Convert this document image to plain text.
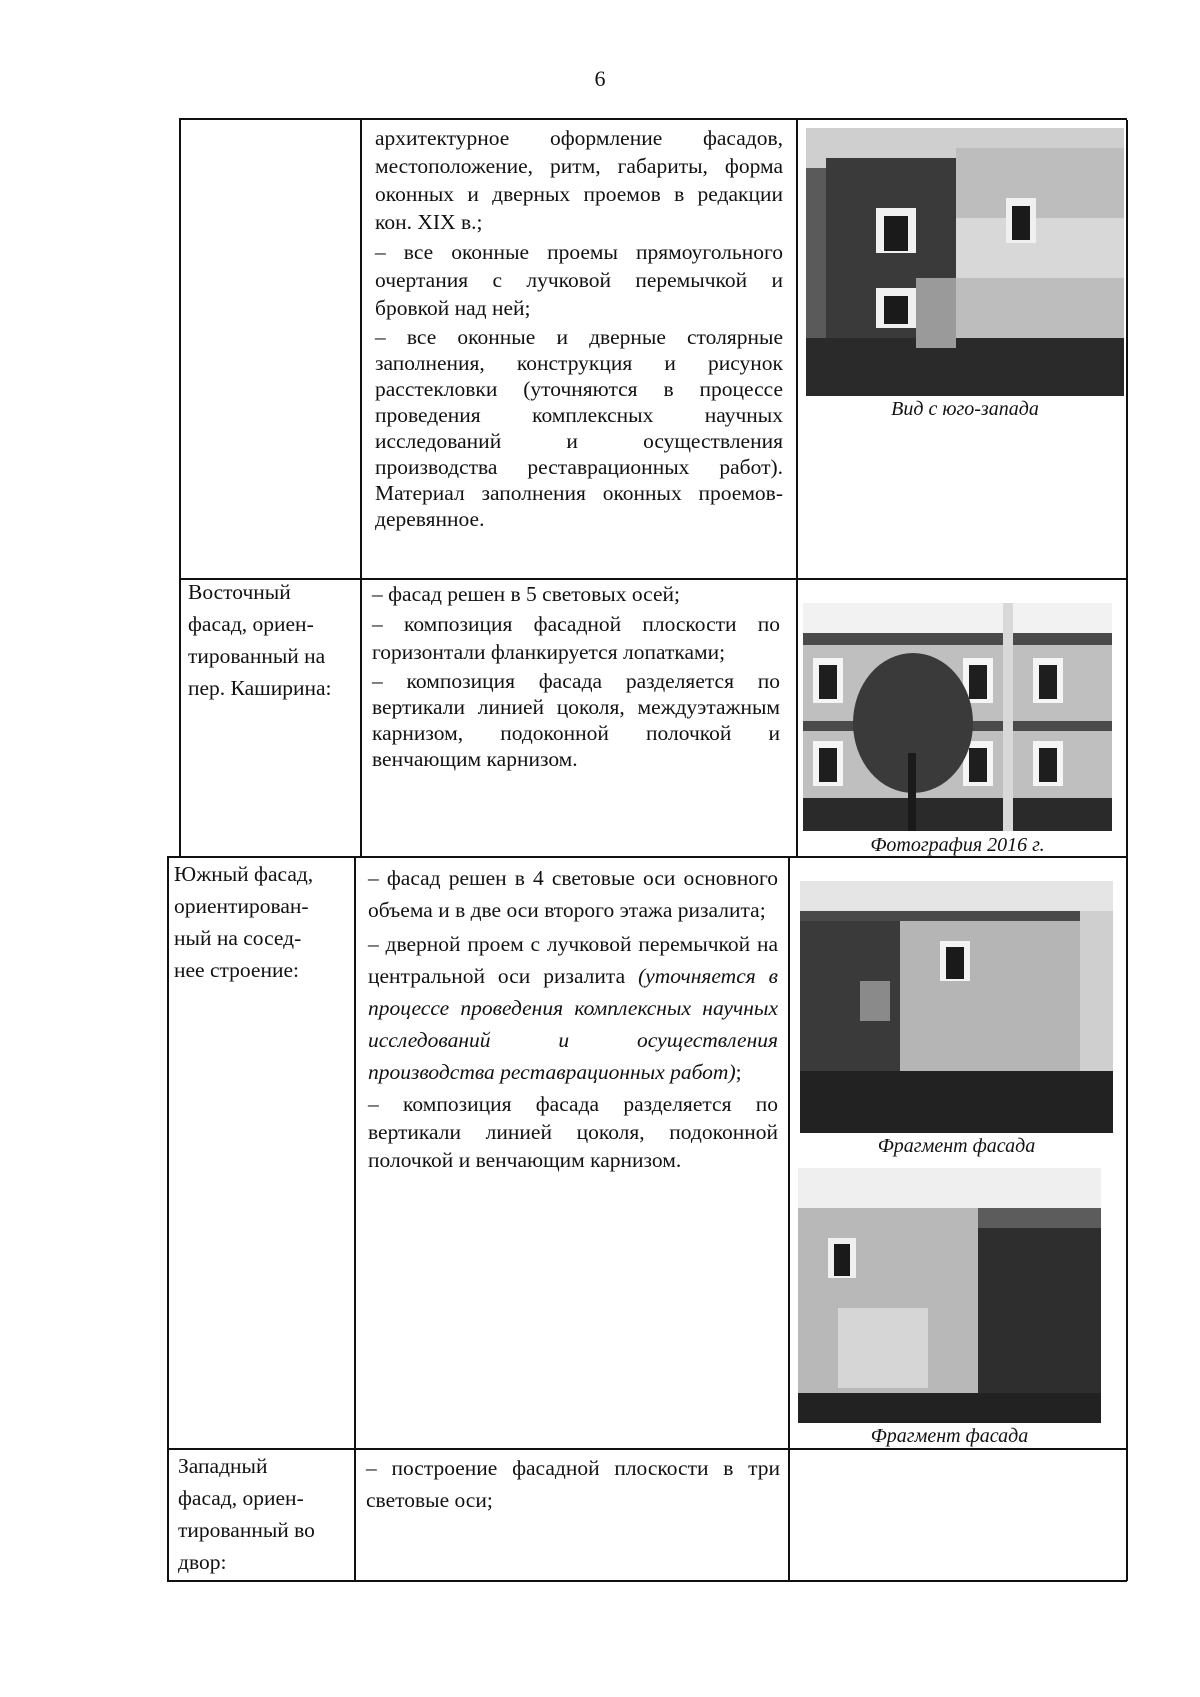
6

архитектурное оформление фасадов, местоположение, ритм, габариты, форма оконных и дверных проемов в редакции кон. XIX в.;

– все оконные проемы прямоугольного очертания с лучковой перемычкой и бровкой над ней;

– все оконные и дверные столярные заполнения, конструкция и рисунок расстекловки (уточняются в процессе проведения комплексных научных исследований и осуществления производства реставрационных работ). Материал заполнения оконных проемов- деревянное.

Вид с юго-запада
Восточный
фасад, ориен-
тированный на
пер. Каширина:

– фасад решен в 5 световых осей;

– композиция фасадной плоскости по горизонтали фланкируется лопатками;

– композиция фасада разделяется по вертикали линией цоколя, междуэтажным карнизом, подоконной полочкой и венчающим карнизом.

Фотография 2016 г.
Южный фасад,
ориентирован-
ный на сосед-
нее строение:

– фасад решен в 4 световые оси основного объема и в две оси второго этажа ризалита;

– дверной проем с лучковой перемычкой на центральной оси ризалита (уточняется в процессе проведения комплексных научных исследований и осуществления производства реставрационных работ);

– композиция фасада разделяется по вертикали линией цоколя, подоконной полочкой и венчающим карнизом.

Фрагмент фасада
Фрагмент фасада
Западный
фасад, ориен-
тированный во
двор:

– построение фасадной плоскости в три световые оси;
